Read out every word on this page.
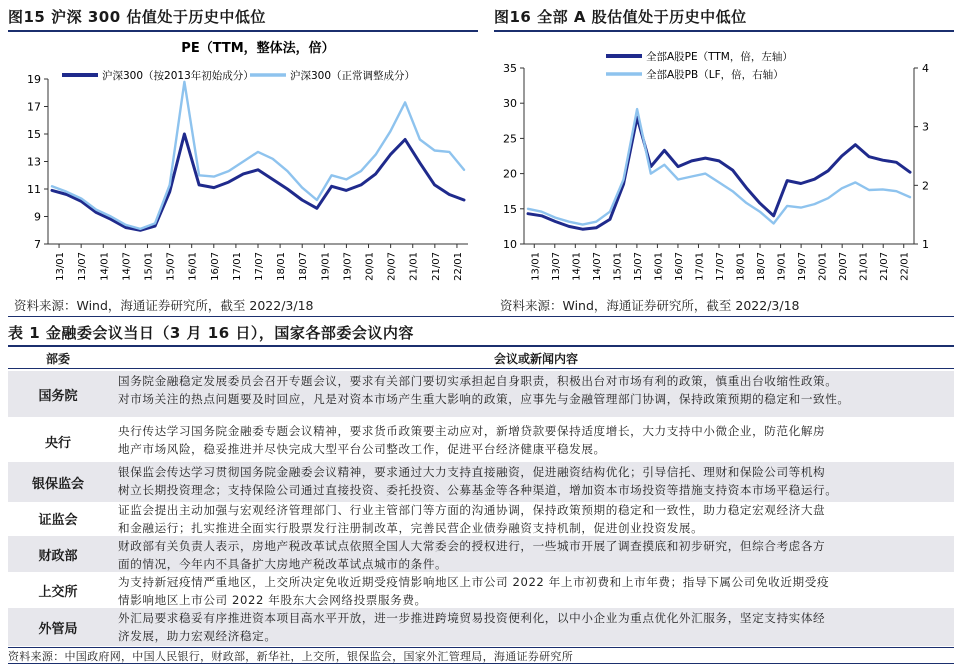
图15 沪深 300 估值处于历史中低位
PE（TTM，整体法，倍）
7
9
11
13
15
17
19
13/01 13/07 14/01 14/07 15/01 15/07 16/01 16/07 17/01 17/07 18/01 18/07 19/01 19/07 20/01 20/07 21/01 21/07 22/01
沪深300（按2013年初始成分）	沪深300（正常调整成分）
资料来源：Wind，海通证券研究所，截至 2022/3/18
图16 全部 A 股估值处于历史中低位
10
15
20
25
30
35
1
2
3
4
13/01 13/07 14/01 14/07 15/01 15/07 16/01 16/07 17/01 17/07 18/01 18/07 19/01 19/07 20/01 20/07 21/01 21/07 22/01
全部A股PE（TTM，倍，左轴）
全部A股PB（LF，倍，右轴）
资料来源：Wind，海通证券研究所，截至 2022/3/18
表 1 金融委会议当日（3 月 16 日），国家各部委会议内容
部委	会议或新闻内容
国务院
国务院金融稳定发展委员会召开专题会议，要求有关部门要切实承担起自身职责，积极出台对市场有利的政策，慎重出台收缩性政策。
对市场关注的热点问题要及时回应，凡是对资本市场产生重大影响的政策，应事先与金融管理部门协调，保持政策预期的稳定和一致性。
央行
央行传达学习国务院金融委专题会议精神，要求货币政策要主动应对，新增贷款要保持适度增长，大力支持中小微企业，防范化解房
地产市场风险，稳妥推进并尽快完成大型平台公司整改工作，促进平台经济健康平稳发展。
银保监会
银保监会传达学习贯彻国务院金融委会议精神，要求通过大力支持直接融资，促进融资结构优化；引导信托、理财和保险公司等机构
树立长期投资理念；支持保险公司通过直接投资、委托投资、公募基金等各种渠道，增加资本市场投资等措施支持资本市场平稳运行。
证监会
证监会提出主动加强与宏观经济管理部门、行业主管部门等方面的沟通协调，保持政策预期的稳定和一致性，助力稳定宏观经济大盘
和金融运行；扎实推进全面实行股票发行注册制改革，完善民营企业债券融资支持机制，促进创业投资发展。
财政部
财政部有关负责人表示，房地产税改革试点依照全国人大常委会的授权进行，一些城市开展了调查摸底和初步研究，但综合考虑各方
面的情况，今年内不具备扩大房地产税改革试点城市的条件。
上交所
为支持新冠疫情严重地区，上交所决定免收近期受疫情影响地区上市公司 2022 年上市初费和上市年费；指导下属公司免收近期受疫
情影响地区上市公司 2022 年股东大会网络投票服务费。
外管局
外汇局要求稳妥有序推进资本项目高水平开放，进一步推进跨境贸易投资便利化，以中小企业为重点优化外汇服务，坚定支持实体经
济发展，助力宏观经济稳定。
资料来源：中国政府网，中国人民银行，财政部，新华社，上交所，银保监会，国家外汇管理局，海通证券研究所
